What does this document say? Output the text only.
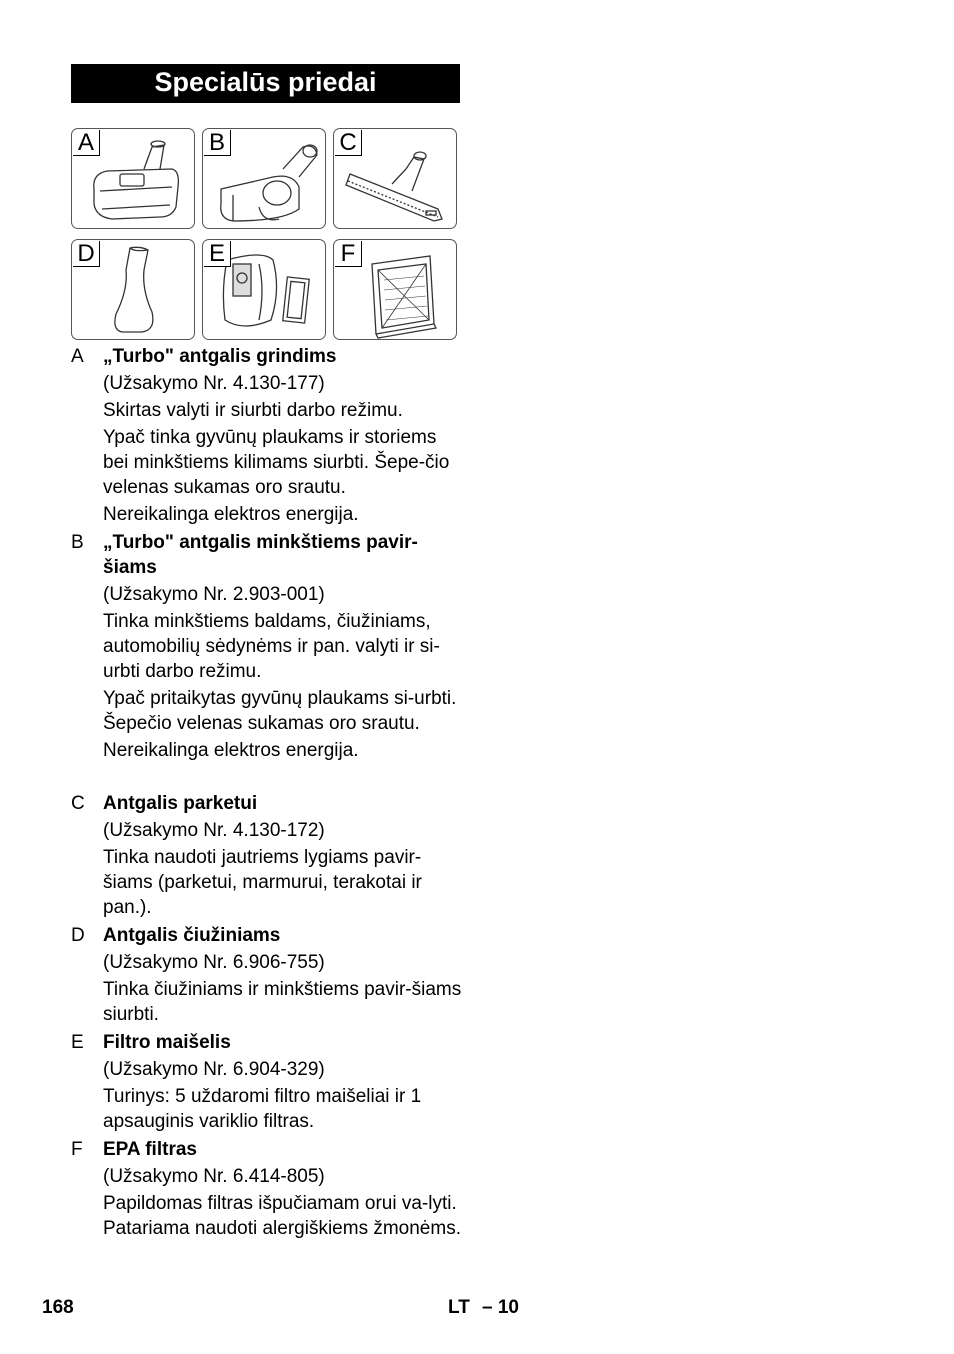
Specialūs priedai
A	B	C
D	E	F
A	„Turbo" antgalis grindims
(Užsakymo Nr. 4.130-177)
Skirtas valyti ir siurbti darbo režimu.
Ypač tinka gyvūnų plaukams ir storiems bei minkštiems kilimams siurbti. Šepe-čio velenas sukamas oro srautu.
Nereikalinga elektros energija.
B	„Turbo" antgalis minkštiems pavir-šiams
(Užsakymo Nr. 2.903-001)
Tinka minkštiems baldams, čiužiniams, automobilių sėdynėms ir pan. valyti ir si-urbti darbo režimu.
Ypač pritaikytas gyvūnų plaukams si-urbti. Šepečio velenas sukamas oro srautu.
Nereikalinga elektros energija.
C Antgalis parketui
(Užsakymo Nr. 4.130-172)
Tinka naudoti jautriems lygiams pavir-šiams (parketui, marmurui, terakotai ir pan.).
D Antgalis čiužiniams
(Užsakymo Nr. 6.906-755)
Tinka čiužiniams ir minkštiems pavir-šiams siurbti.
E	Filtro maišelis
(Užsakymo Nr. 6.904-329)
Turinys: 5 uždaromi filtro maišeliai ir 1 apsauginis variklio filtras.
F	EPA filtras
(Užsakymo Nr. 6.414-805)
Papildomas filtras išpučiamam orui va-lyti. Patariama naudoti alergiškiems žmonėms.
168	LT – 10
